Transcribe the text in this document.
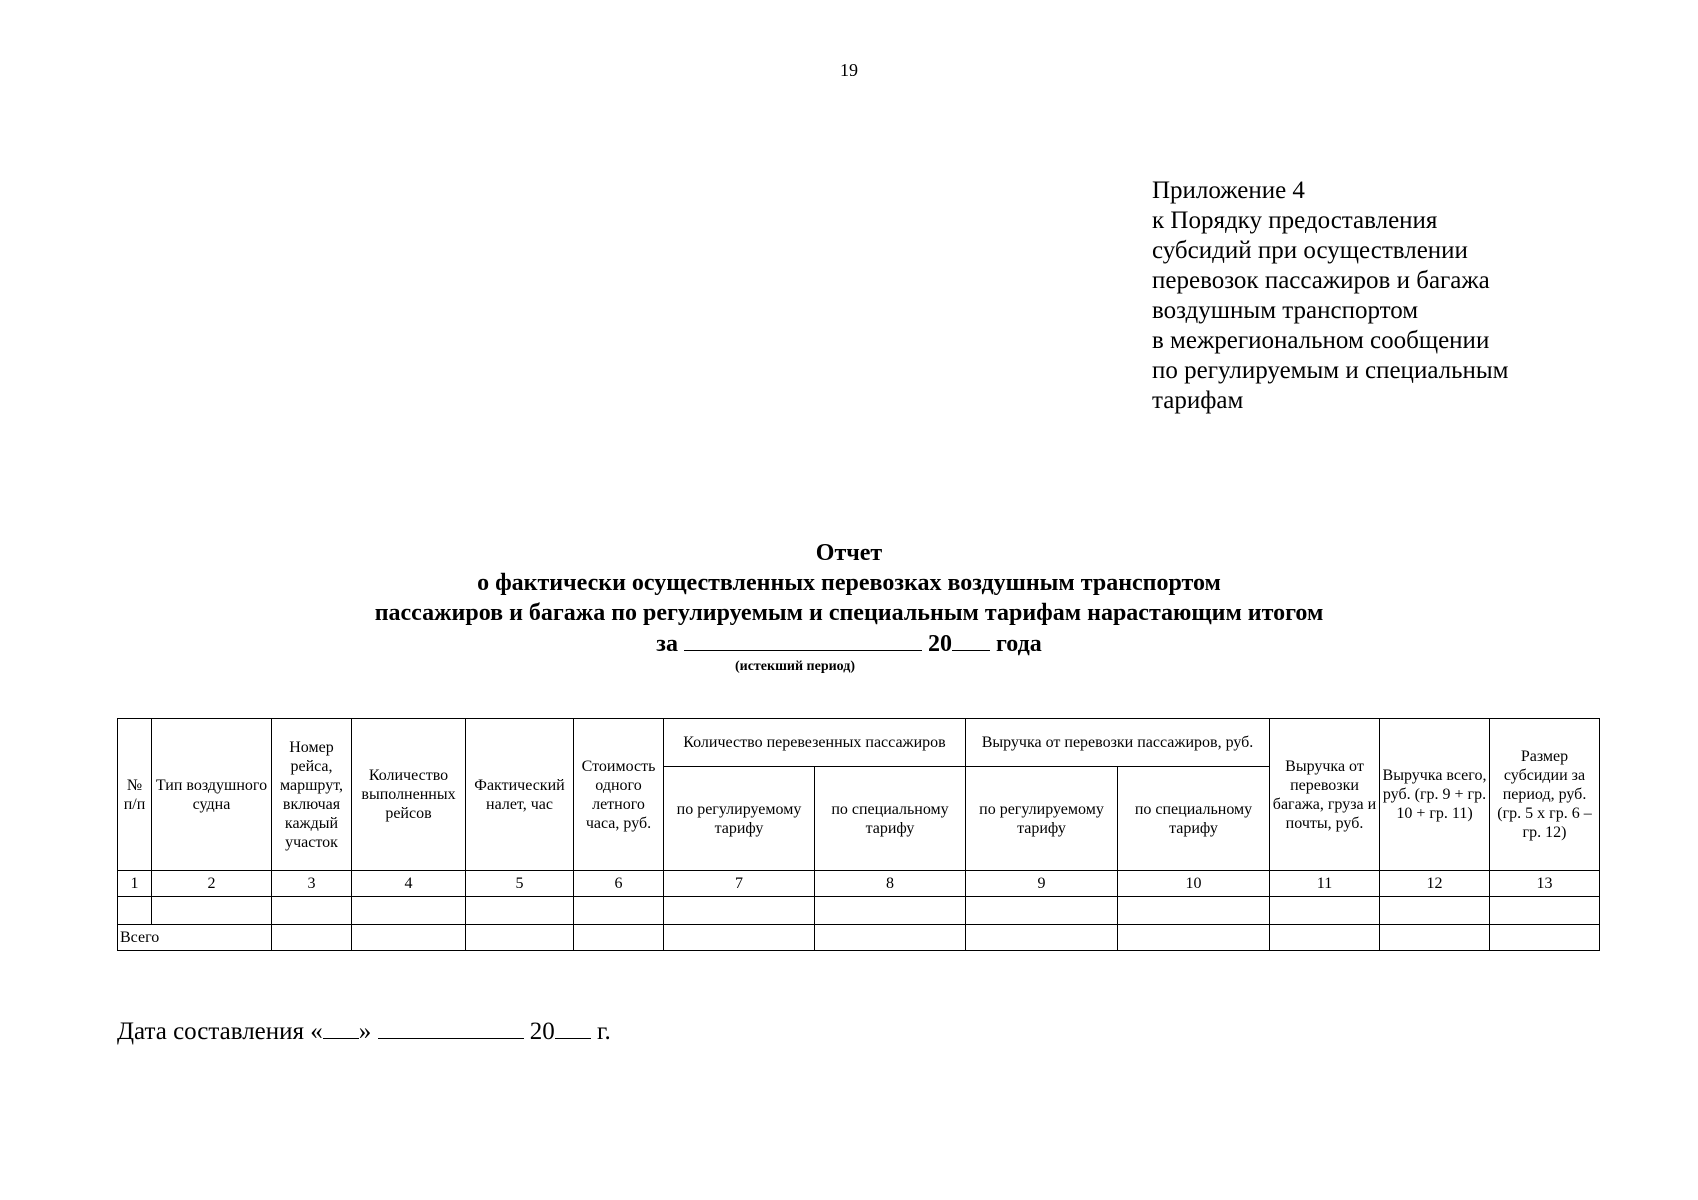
19
Приложение 4
к Порядку предоставления
субсидий при осуществлении
перевозок пассажиров и багажа
воздушным транспортом
в межрегиональном сообщении
по регулируемым и специальным
тарифам
Отчет
о фактически осуществленных перевозках воздушным транспортом
пассажиров и багажа по регулируемым и специальным тарифам нарастающим итогом
за	20 года
(истекший период)
№ п/п	Тип воздушного судна	Номер рейса, маршрут, включая каждый участок	Количество выполненных рейсов	Фактический налет, час	Стоимость одного летного часа, руб.	Количество перевезенных пассажиров		Выручка от перевозки пассажиров, руб.		Выручка от перевозки багажа, груза и почты, руб.	Выручка всего, руб. (гр. 9 + гр. 10 + гр. 11)	Размер субсидии за период, руб. (гр. 5 х гр. 6 – гр. 12)
						по регулируемому тарифу	по специальному тарифу	по регулируемому тарифу	по специальному тарифу			
1	2	3	4	5	6	7	8	9	10	11	12	13

Всего												
Дата составления « »	20 г.
